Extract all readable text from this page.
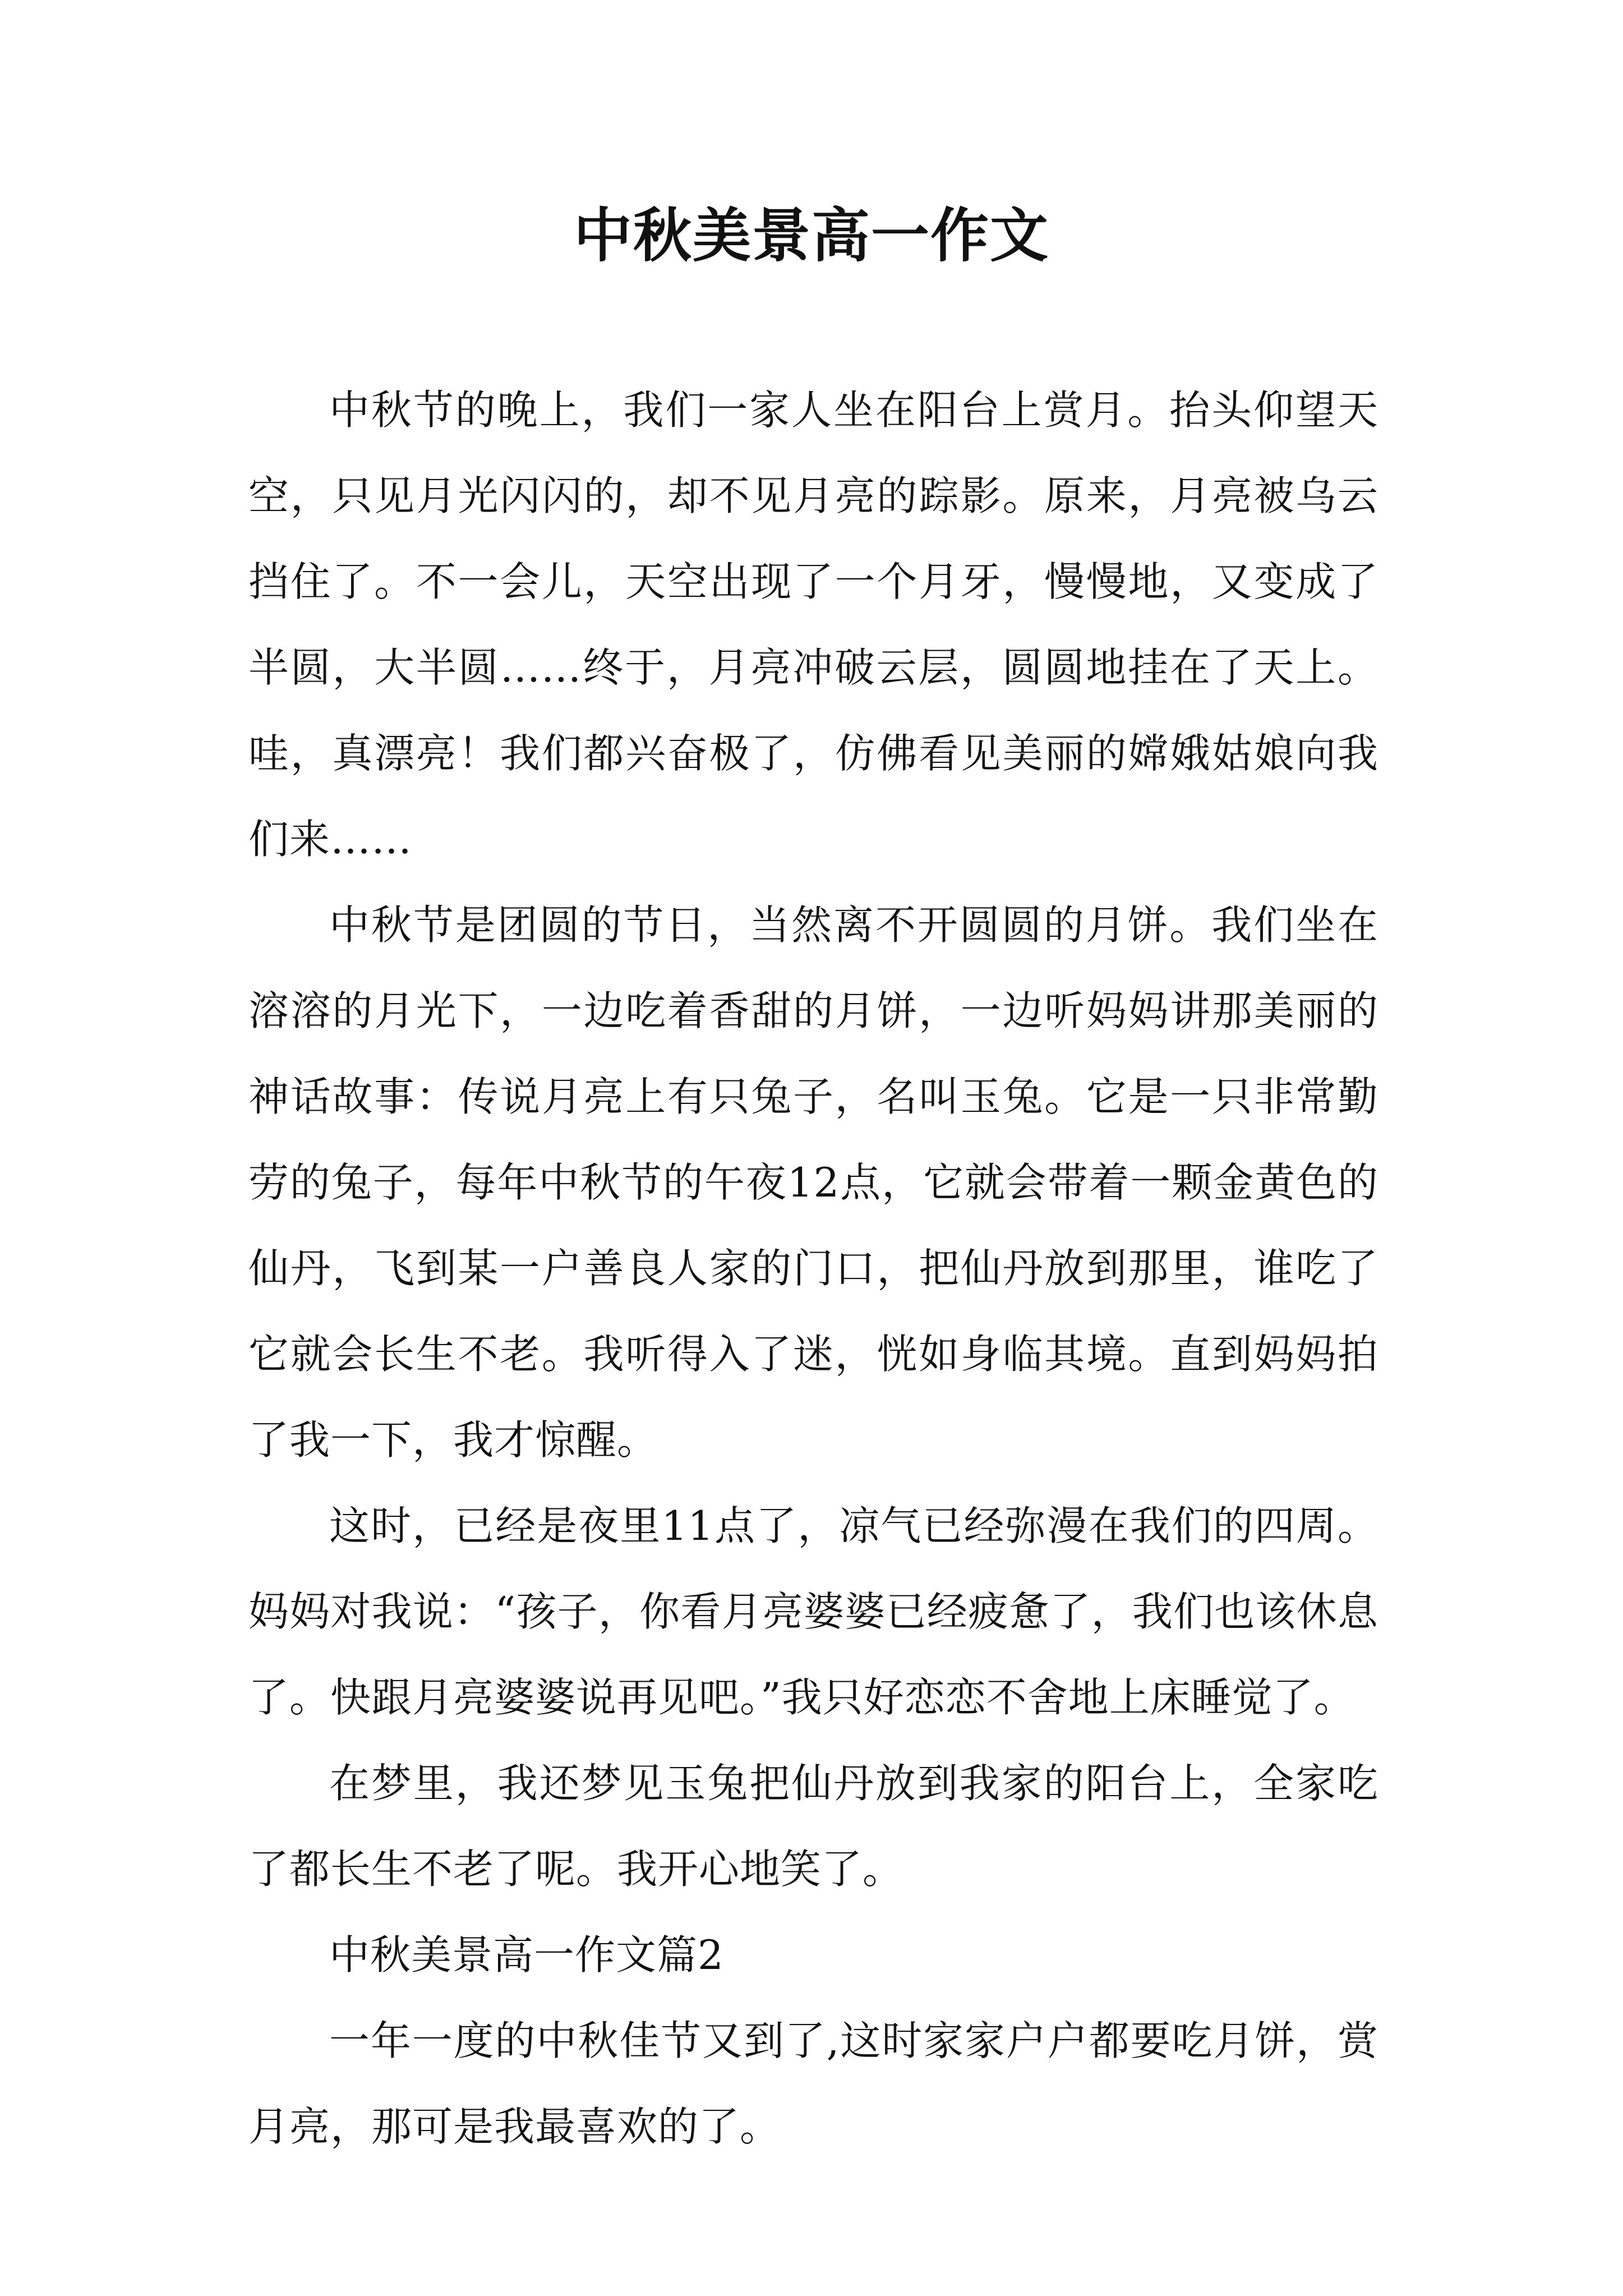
中秋美景高一作文

中秋节的晚上，我们一家人坐在阳台上赏月。抬头仰望天空，只见月光闪闪的，却不见月亮的踪影。原来，月亮被乌云挡住了。不一会儿，天空出现了一个月牙，慢慢地，又变成了半圆，大半圆……终于，月亮冲破云层，圆圆地挂在了天上。哇，真漂亮！我们都兴奋极了，仿佛看见美丽的嫦娥姑娘向我们来……

中秋节是团圆的节日，当然离不开圆圆的月饼。我们坐在溶溶的月光下，一边吃着香甜的月饼，一边听妈妈讲那美丽的神话故事：传说月亮上有只兔子，名叫玉兔。它是一只非常勤劳的兔子，每年中秋节的午夜12点，它就会带着一颗金黄色的仙丹，飞到某一户善良人家的门口，把仙丹放到那里，谁吃了它就会长生不老。我听得入了迷，恍如身临其境。直到妈妈拍了我一下，我才惊醒。

这时，已经是夜里11点了，凉气已经弥漫在我们的四周。妈妈对我说：“孩子，你看月亮婆婆已经疲惫了，我们也该休息了。快跟月亮婆婆说再见吧。”我只好恋恋不舍地上床睡觉了。

在梦里，我还梦见玉兔把仙丹放到我家的阳台上，全家吃了都长生不老了呢。我开心地笑了。

中秋美景高一作文篇2

一年一度的中秋佳节又到了,这时家家户户都要吃月饼，赏月亮，那可是我最喜欢的了。
